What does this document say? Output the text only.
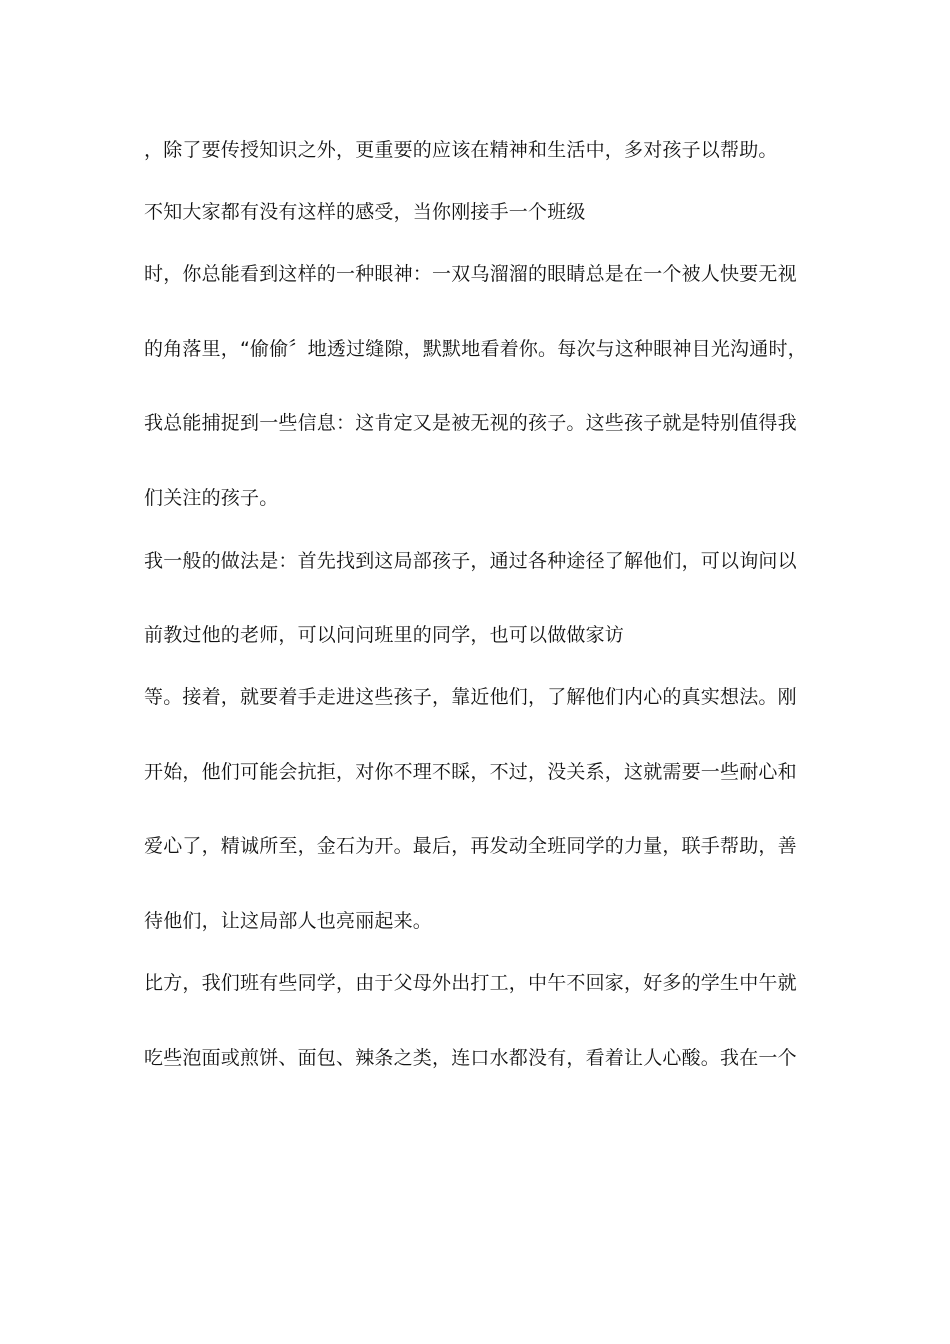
，除了要传授知识之外，更重要的应该在精神和生活中，多对孩子以帮助。
不知大家都有没有这样的感受，当你刚接手一个班级
时，你总能看到这样的一种眼神：一双乌溜溜的眼睛总是在一个被人快要无视
的角落里，“偷偷〞地透过缝隙，默默地看着你。每次与这种眼神目光沟通时，
我总能捕捉到一些信息：这肯定又是被无视的孩子。这些孩子就是特别值得我
们关注的孩子。
我一般的做法是：首先找到这局部孩子，通过各种途径了解他们，可以询问以
前教过他的老师，可以问问班里的同学，也可以做做家访
等。接着，就要着手走进这些孩子，靠近他们，了解他们内心的真实想法。刚
开始，他们可能会抗拒，对你不理不睬，不过，没关系，这就需要一些耐心和
爱心了，精诚所至，金石为开。最后，再发动全班同学的力量，联手帮助，善
待他们，让这局部人也亮丽起来。
比方，我们班有些同学，由于父母外出打工，中午不回家，好多的学生中午就
吃些泡面或煎饼、面包、辣条之类，连口水都没有，看着让人心酸。我在一个
